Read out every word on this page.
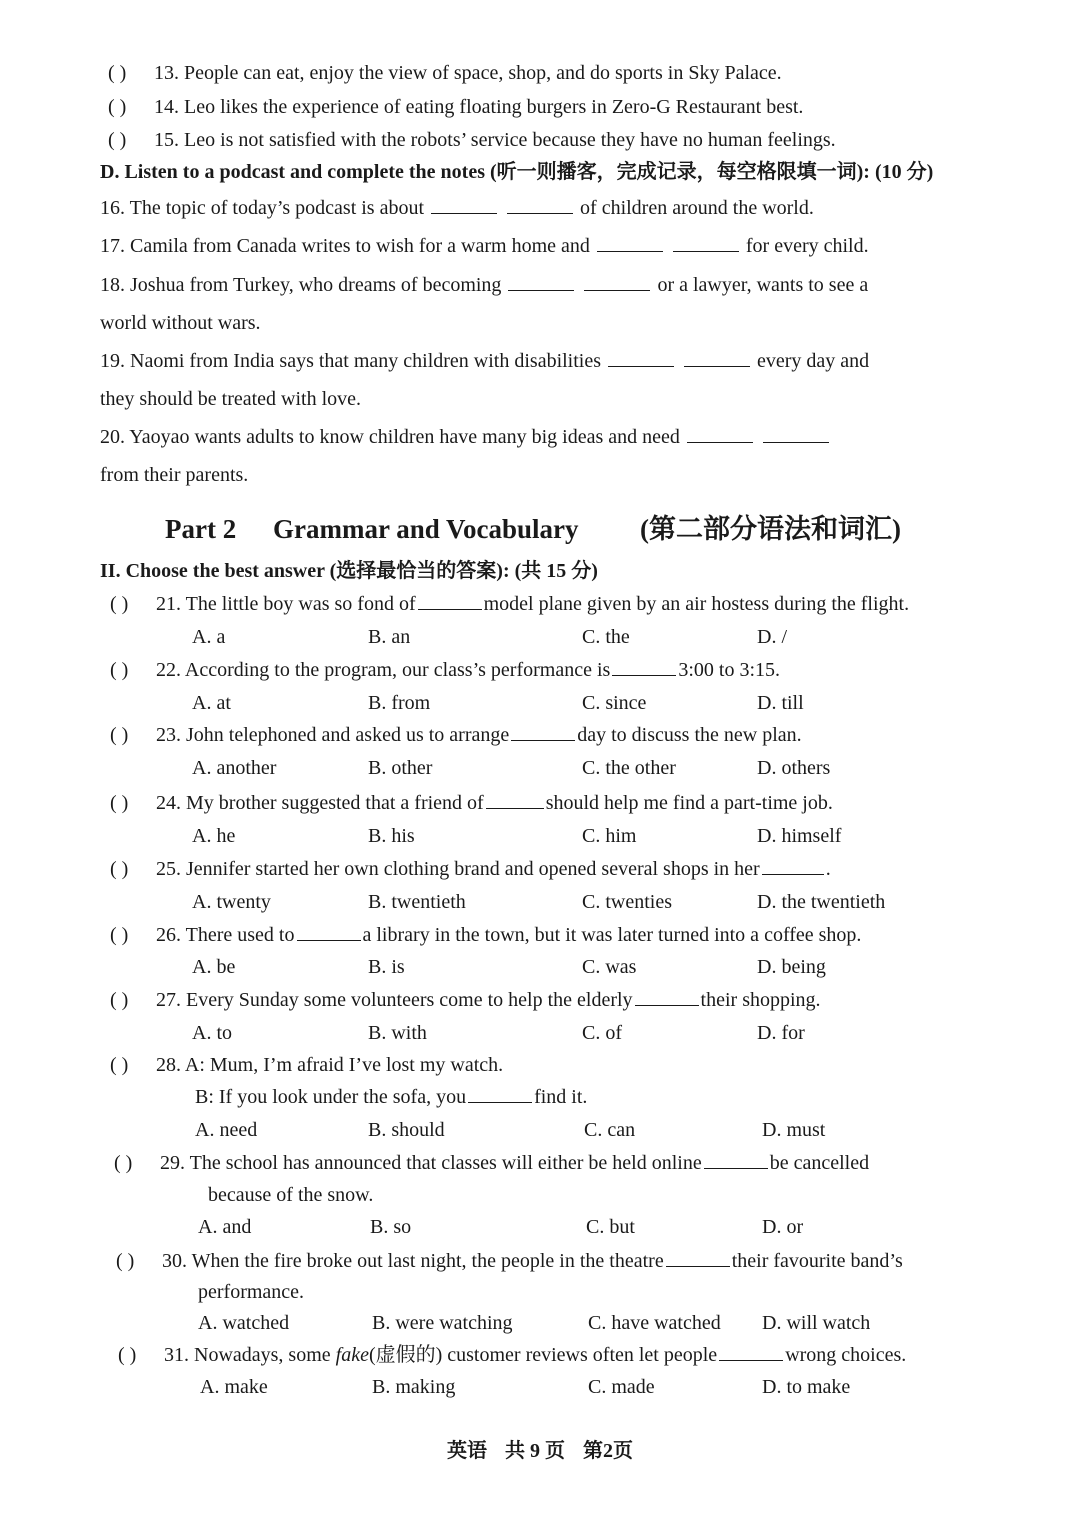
( ) 13. People can eat, enjoy the view of space, shop, and do sports in Sky Palace.
( ) 14. Leo likes the experience of eating floating burgers in Zero-G Restaurant best.
( ) 15. Leo is not satisfied with the robots’ service because they have no human feelings.
D. Listen to a podcast and complete the notes (听一则播客，完成记录，每空格限填一词): (10 分)
16. The topic of today’s podcast is about	of children around the world.
17. Camila from Canada writes to wish for a warm home and	for every child.
18. Joshua from Turkey, who dreams of becoming	or a lawyer, wants to see a
world without wars.
19. Naomi from India says that many children with disabilities	every day and
they should be treated with love.
20. Yaoyao wants adults to know children have many big ideas and need
from their parents.
Part 2 Grammar and Vocabulary (第二部分语法和词汇)
II. Choose the best answer (选择最恰当的答案): (共 15 分)
( ) 21. The little boy was so fond of	model plane given by an air hostess during the flight.
A. a	B. an	C. the	D. /
( ) 22. According to the program, our class’s performance is	3:00 to 3:15.
A. at	B. from	C. since	D. till
( ) 23. John telephoned and asked us to arrange	day to discuss the new plan.
A. another	B. other	C. the other	D. others
( ) 24. My brother suggested that a friend of	should help me find a part-time job.
A. he	B. his	C. him	D. himself
( ) 25. Jennifer started her own clothing brand and opened several shops in her	.
A. twenty	B. twentieth	C. twenties	D. the twentieth
( ) 26. There used to	a library in the town, but it was later turned into a coffee shop.
A. be	B. is	C. was	D. being
( ) 27. Every Sunday some volunteers come to help the elderly	their shopping.
A. to	B. with	C. of	D. for
( ) 28. A: Mum, I’m afraid I’ve lost my watch.
B: If you look under the sofa, you	find it.
A. need	B. should	C. can	D. must
( ) 29. The school has announced that classes will either be held online	be cancelled
because of the snow.
A. and	B. so	C. but	D. or
( ) 30. When the fire broke out last night, the people in the theatre	their favourite band’s
performance.
A. watched	B. were watching	C. have watched D. will watch
( ) 31. Nowadays, some fake(虚假的) customer reviews often let people	wrong choices.
A. make	B. making	C. made	D. to make
英语 共 9 页 第2页
